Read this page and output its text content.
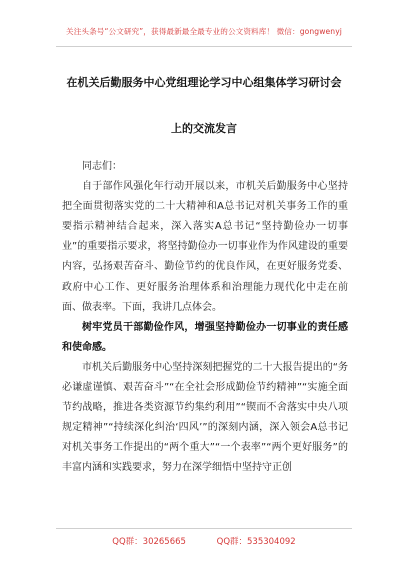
关注头条号“公文研究”，获得最新最全最专业的公文资料库！ 微信：gongwenyj
在机关后勤服务中心党组理论学习中心组集体学习研讨会
上的交流发言

同志们：

自于部作风强化年行动开展以来，市机关后勤服务中心坚持把全面贯彻落实党的二十大精神和A总书记对机关事务工作的重要指示精神结合起来，深入落实A总书记“坚持勤俭办一切事业”的重要指示要求，将坚持勤俭办一切事业作为作风建设的重要内容，弘扬艰苦奋斗、勤俭节约的优良作风，在更好服务党委、政府中心工作、更好服务治理体系和治理能力现代化中走在前面、做表率。下面，我讲几点体会。

树牢党员干部勤俭作风，增强坚持勤俭办一切事业的责任感和使命感。

市机关后勤服务中心坚持深刻把握党的二十大报告提出的“务必谦虚谨慎、艰苦奋斗”“在全社会形成勤俭节约精神”“实施全面节约战略，推进各类资源节约集约利用”“锲而不舍落实中央八项规定精神”“持续深化纠治‘四风’”的深刻内涵，深入领会A总书记对机关事务工作提出的“两个重大”“一个表率”“两个更好服务”的丰富内涵和实践要求，努力在深学细悟中坚持守正创

QQ群：30265665	QQ群：535304092
